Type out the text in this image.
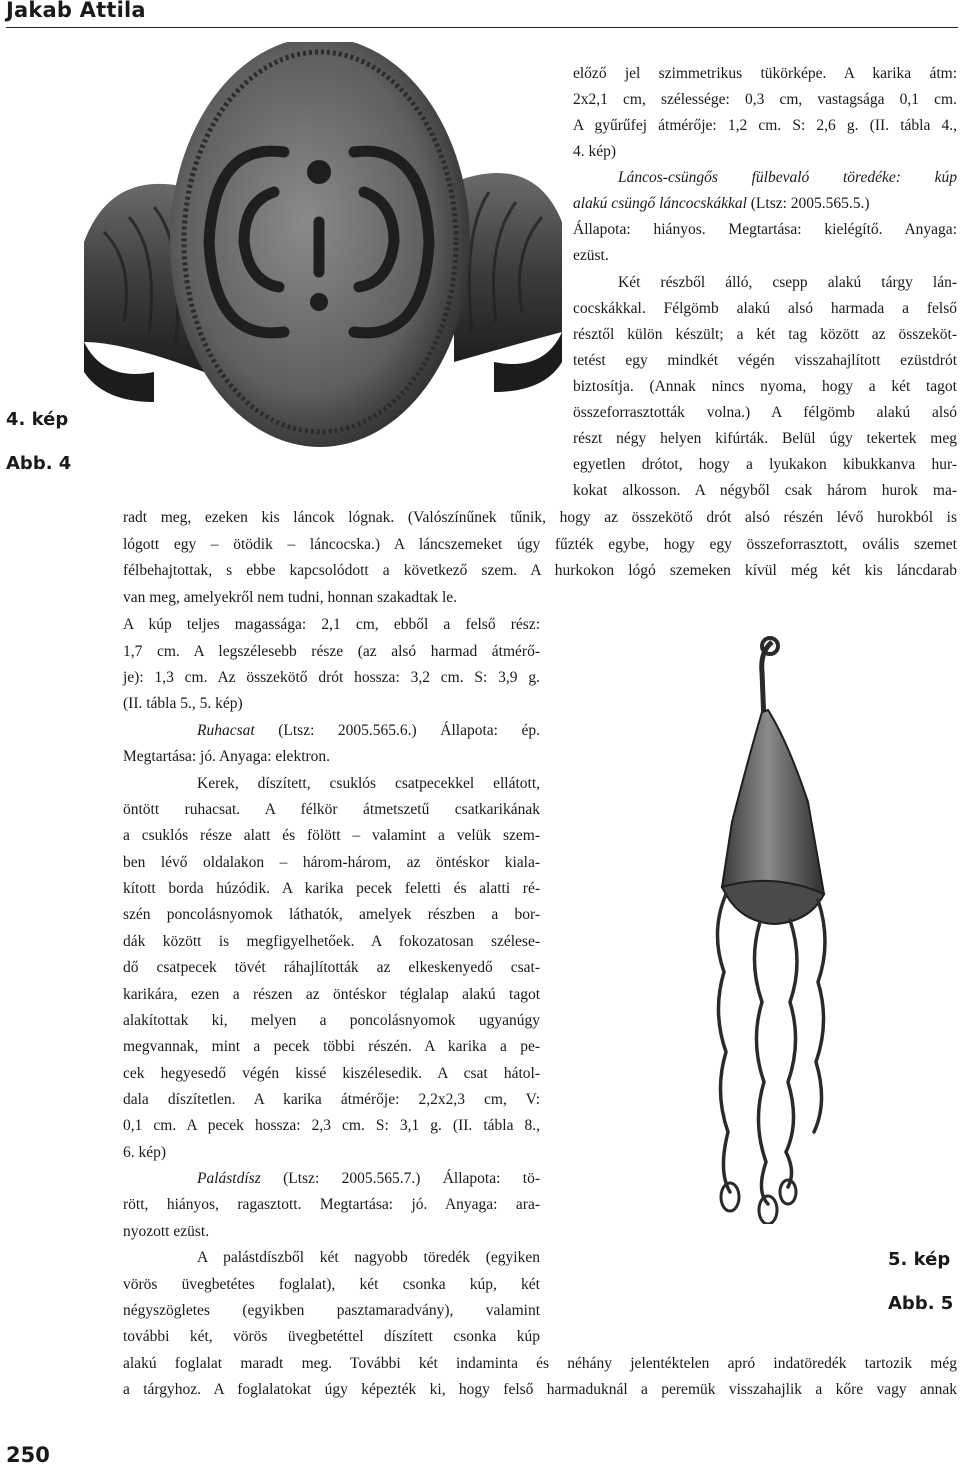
Jakab Attila
4. kép
Abb. 4
előző jel szimmetrikus tükörképe. A karika átm:
2x2,1 cm, szélessége: 0,3 cm, vastagsága 0,1 cm.
A gyűrűfej átmérője: 1,2 cm. S: 2,6 g. (II. tábla 4.,
4. kép)
Láncos-csüngős fülbevaló töredéke: kúp
alakú csüngő láncocskákkal (Ltsz: 2005.565.5.)
Állapota: hiányos. Megtartása: kielégítő. Anyaga:
ezüst.
Két részből álló, csepp alakú tárgy lán-
cocskákkal. Félgömb alakú alsó harmada a felső
résztől külön készült; a két tag között az összeköt-
tetést egy mindkét végén visszahajlított ezüstdrót
biztosítja. (Annak nincs nyoma, hogy a két tagot
összeforrasztották volna.) A félgömb alakú alsó
részt négy helyen kifúrták. Belül úgy tekertek meg
egyetlen drótot, hogy a lyukakon kibukkanva hur-
kokat alkosson. A négyből csak három hurok ma-
radt meg, ezeken kis láncok lógnak. (Valószínűnek tűnik, hogy az összekötő drót alsó részén lévő hurokból is
lógott egy – ötödik – láncocska.) A láncszemeket úgy fűzték egybe, hogy egy összeforrasztott, ovális szemet
félbehajtottak, s ebbe kapcsolódott a következő szem. A hurkokon lógó szemeken kívül még két kis láncdarab
van meg, amelyekről nem tudni, honnan szakadtak le.
5. kép
Abb. 5
A kúp teljes magassága: 2,1 cm, ebből a felső rész:
1,7 cm. A legszélesebb része (az alsó harmad átmérő-
je): 1,3 cm. Az összekötő drót hossza: 3,2 cm. S: 3,9 g.
(II. tábla 5., 5. kép)
Ruhacsat (Ltsz: 2005.565.6.) Állapota: ép.
Megtartása: jó. Anyaga: elektron.
Kerek, díszített, csuklós csatpecekkel ellátott,
öntött ruhacsat. A félkör átmetszetű csatkarikának
a csuklós része alatt és fölött – valamint a velük szem-
ben lévő oldalakon – három-három, az öntéskor kiala-
kított borda húzódik. A karika pecek feletti és alatti ré-
szén poncolásnyomok láthatók, amelyek részben a bor-
dák között is megfigyelhetőek. A fokozatosan szélese-
dő csatpecek tövét ráhajlították az elkeskenyedő csat-
karikára, ezen a részen az öntéskor téglalap alakú tagot
alakítottak ki, melyen a poncolásnyomok ugyanúgy
megvannak, mint a pecek többi részén. A karika a pe-
cek hegyesedő végén kissé kiszélesedik. A csat hátol-
dala díszítetlen. A karika átmérője: 2,2x2,3 cm, V:
0,1 cm. A pecek hossza: 2,3 cm. S: 3,1 g. (II. tábla 8.,
6. kép)
Palástdísz (Ltsz: 2005.565.7.) Állapota: tö-
rött, hiányos, ragasztott. Megtartása: jó. Anyaga: ara-
nyozott ezüst.
A palástdíszből két nagyobb töredék (egyiken
vörös üvegbetétes foglalat), két csonka kúp, két
négyszögletes (egyikben pasztamaradvány), valamint
további két, vörös üvegbetéttel díszített csonka kúp
alakú foglalat maradt meg. További két indaminta és néhány jelentéktelen apró indatöredék tartozik még
a tárgyhoz. A foglalatokat úgy képezték ki, hogy felső harmaduknál a peremük visszahajlik a kőre vagy annak
250
